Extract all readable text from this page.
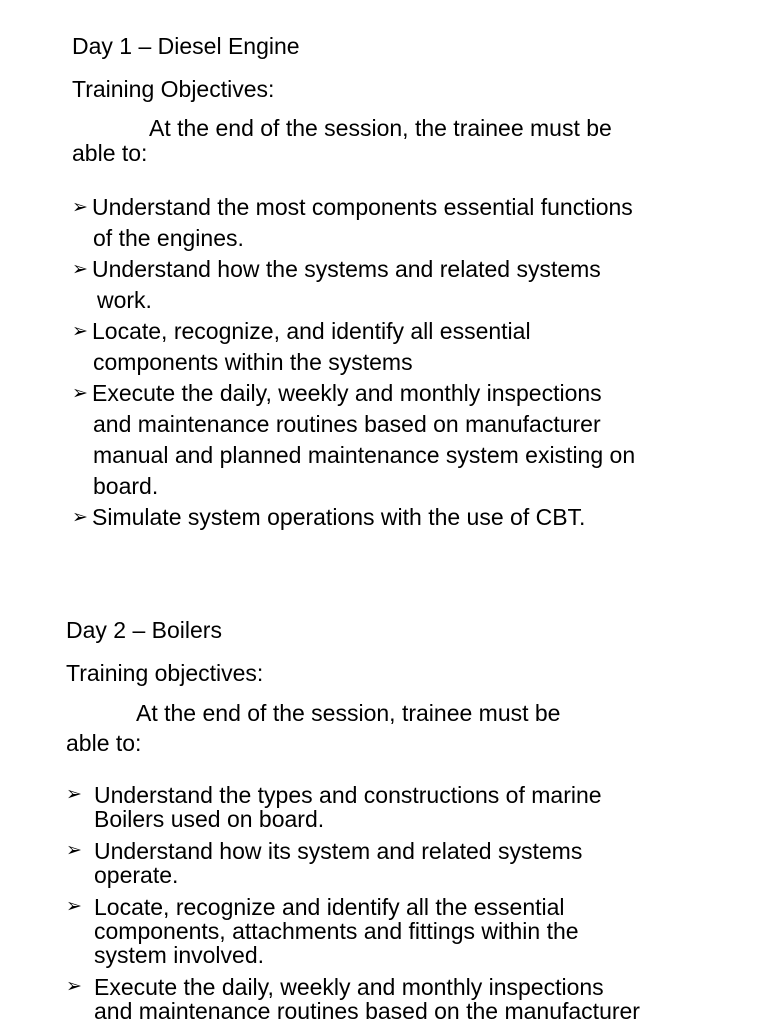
Day 1 – Diesel Engine
Training Objectives:
At the end of the session, the trainee must be
able to:
➢ Understand the most components essential functions
of the engines.
➢ Understand how the systems and related systems
work.
➢ Locate, recognize, and identify all essential
components within the systems
➢ Execute the daily, weekly and monthly inspections
and maintenance routines based on manufacturer
manual and planned maintenance system existing on
board.
➢ Simulate system operations with the use of CBT.
Day 2 – Boilers
Training objectives:
At the end of the session, trainee must be
able to:
➢ Understand the types and constructions of marine
Boilers used on board.
➢ Understand how its system and related systems
operate.
➢ Locate, recognize and identify all the essential
components, attachments and fittings within the
system involved.
➢ Execute the daily, weekly and monthly inspections
and maintenance routines based on the manufacturer
